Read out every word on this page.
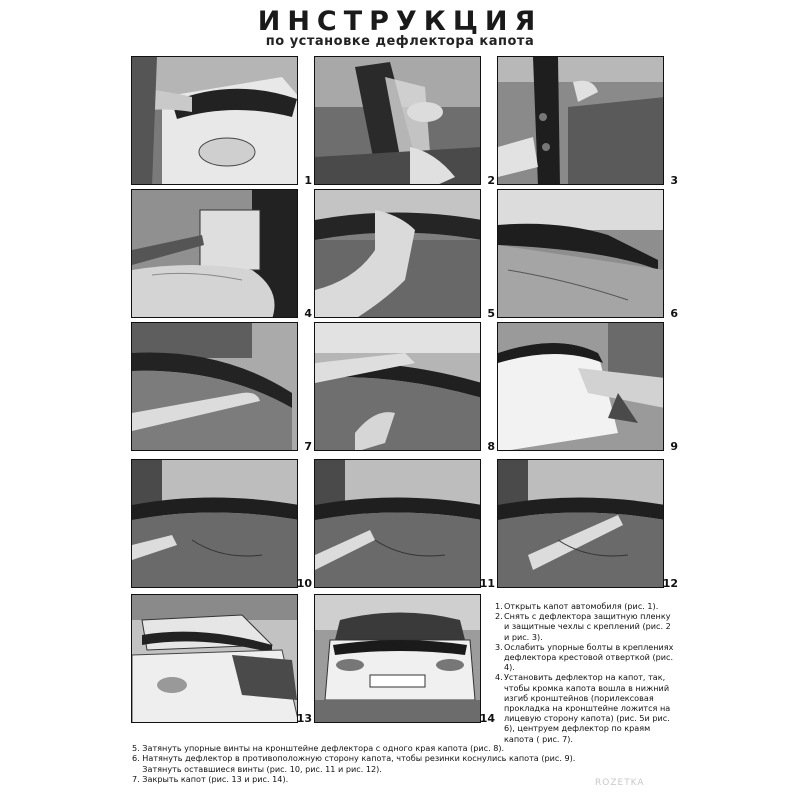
ИНСТРУКЦИЯ
по установке дефлектора капота
1	2	3
4	5	6
7	8	9
10	11	12
13	14
1. Открыть капот автомобиля (рис. 1).
2. Снять с дефлектора защитную пленку и защитные чехлы с креплений (рис. 2 и рис. 3).
3. Ослабить упорные болты в креплениях дефлектора крестовой отверткой (рис. 4).
4. Установить дефлектор на капот, так, чтобы кромка капота вошла в нижний изгиб кронштейнов (порилексовая прокладка на кронштейне ложится на лицевую сторону капота) (рис. 5и рис. 6), центруем дефлектор по краям капота ( рис. 7).
5. Затянуть упорные винты на кронштейне дефлектора с одного края капота (рис. 8).
6. Натянуть дефлектор в противоположную сторону капота, чтобы резинки коснулись капота (рис. 9).
Затянуть оставшиеся винты (рис. 10, рис. 11 и рис. 12).
7. Закрыть капот (рис. 13 и рис. 14).	ROZETKA
